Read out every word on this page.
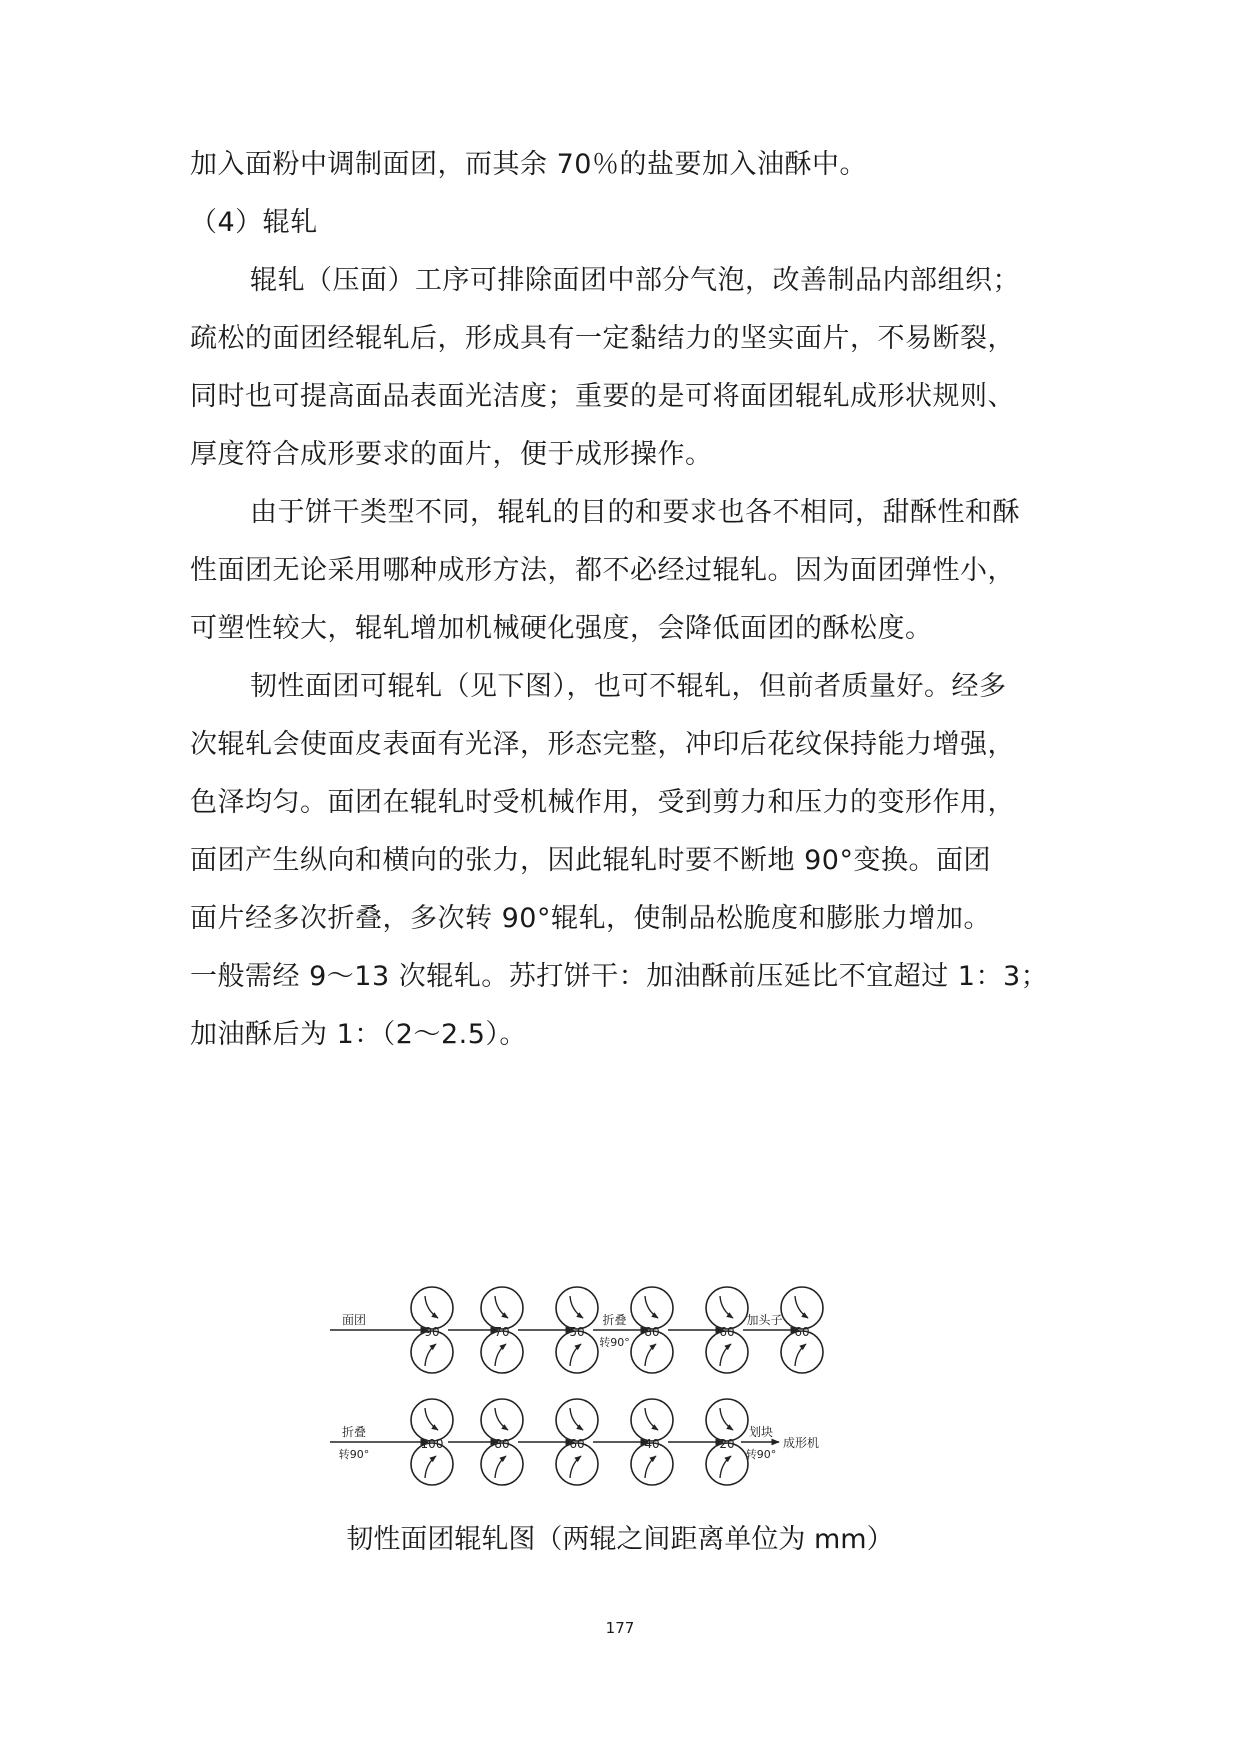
加入面粉中调制面团，而其余 70％的盐要加入油酥中。
（4）辊轧
辊轧（压面）工序可排除面团中部分气泡，改善制品内部组织；
疏松的面团经辊轧后，形成具有一定黏结力的坚实面片，不易断裂，
同时也可提高面品表面光洁度；重要的是可将面团辊轧成形状规则、
厚度符合成形要求的面片，便于成形操作。
由于饼干类型不同，辊轧的目的和要求也各不相同，甜酥性和酥
性面团无论采用哪种成形方法，都不必经过辊轧。因为面团弹性小，
可塑性较大，辊轧增加机械硬化强度，会降低面团的酥松度。
韧性面团可辊轧（见下图），也可不辊轧，但前者质量好。经多
次辊轧会使面皮表面有光泽，形态完整，冲印后花纹保持能力增强，
色泽均匀。面团在辊轧时受机械作用，受到剪力和压力的变形作用，
面团产生纵向和横向的张力，因此辊轧时要不断地 90°变换。面团
面片经多次折叠，多次转 90°辊轧，使制品松脆度和膨胀力增加。
一般需经 9～13 次辊轧。苏打饼干：加油酥前压延比不宜超过 1：3；
加油酥后为 1：（2～2.5）。
面团
90	70	50	80	60	60
折叠
转90°
加头子
折叠
转90°
100	80	60	40	20
划块
转90°
成形机
韧性面团辊轧图（两辊之间距离单位为 mm）
177
